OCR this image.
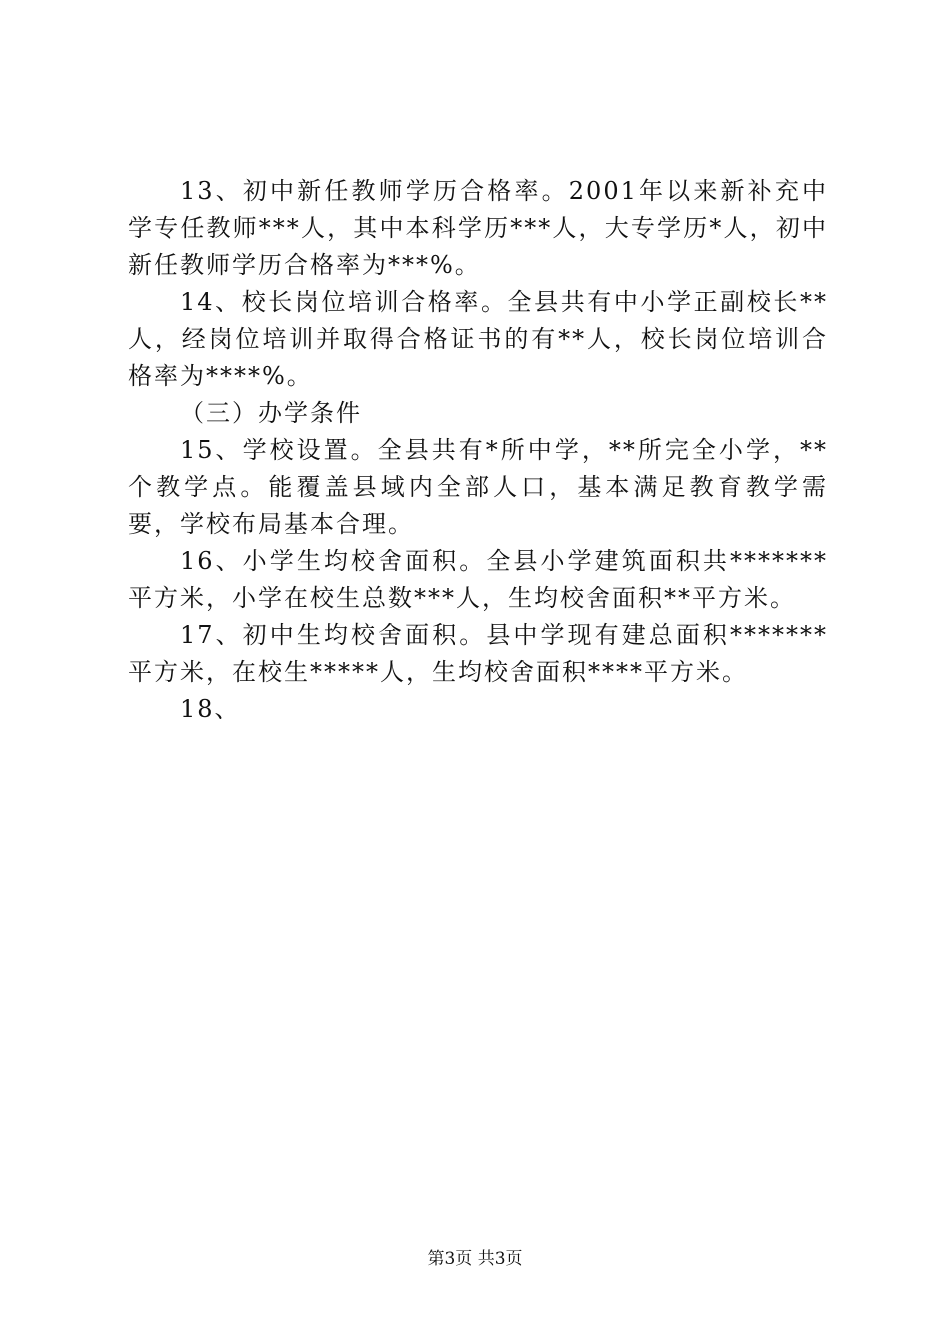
13、初中新任教师学历合格率。2001年以来新补充中学专任教师***人，其中本科学历***人，大专学历*人，初中新任教师学历合格率为***%。

14、校长岗位培训合格率。全县共有中小学正副校长**人，经岗位培训并取得合格证书的有**人，校长岗位培训合格率为****%。

（三）办学条件

15、学校设置。全县共有*所中学，**所完全小学，**个教学点。能覆盖县域内全部人口，基本满足教育教学需要，学校布局基本合理。

16、小学生均校舍面积。全县小学建筑面积共*******平方米，小学在校生总数***人，生均校舍面积**平方米。

17、初中生均校舍面积。县中学现有建总面积*******平方米，在校生*****人，生均校舍面积****平方米。

18、

第3页 共3页
